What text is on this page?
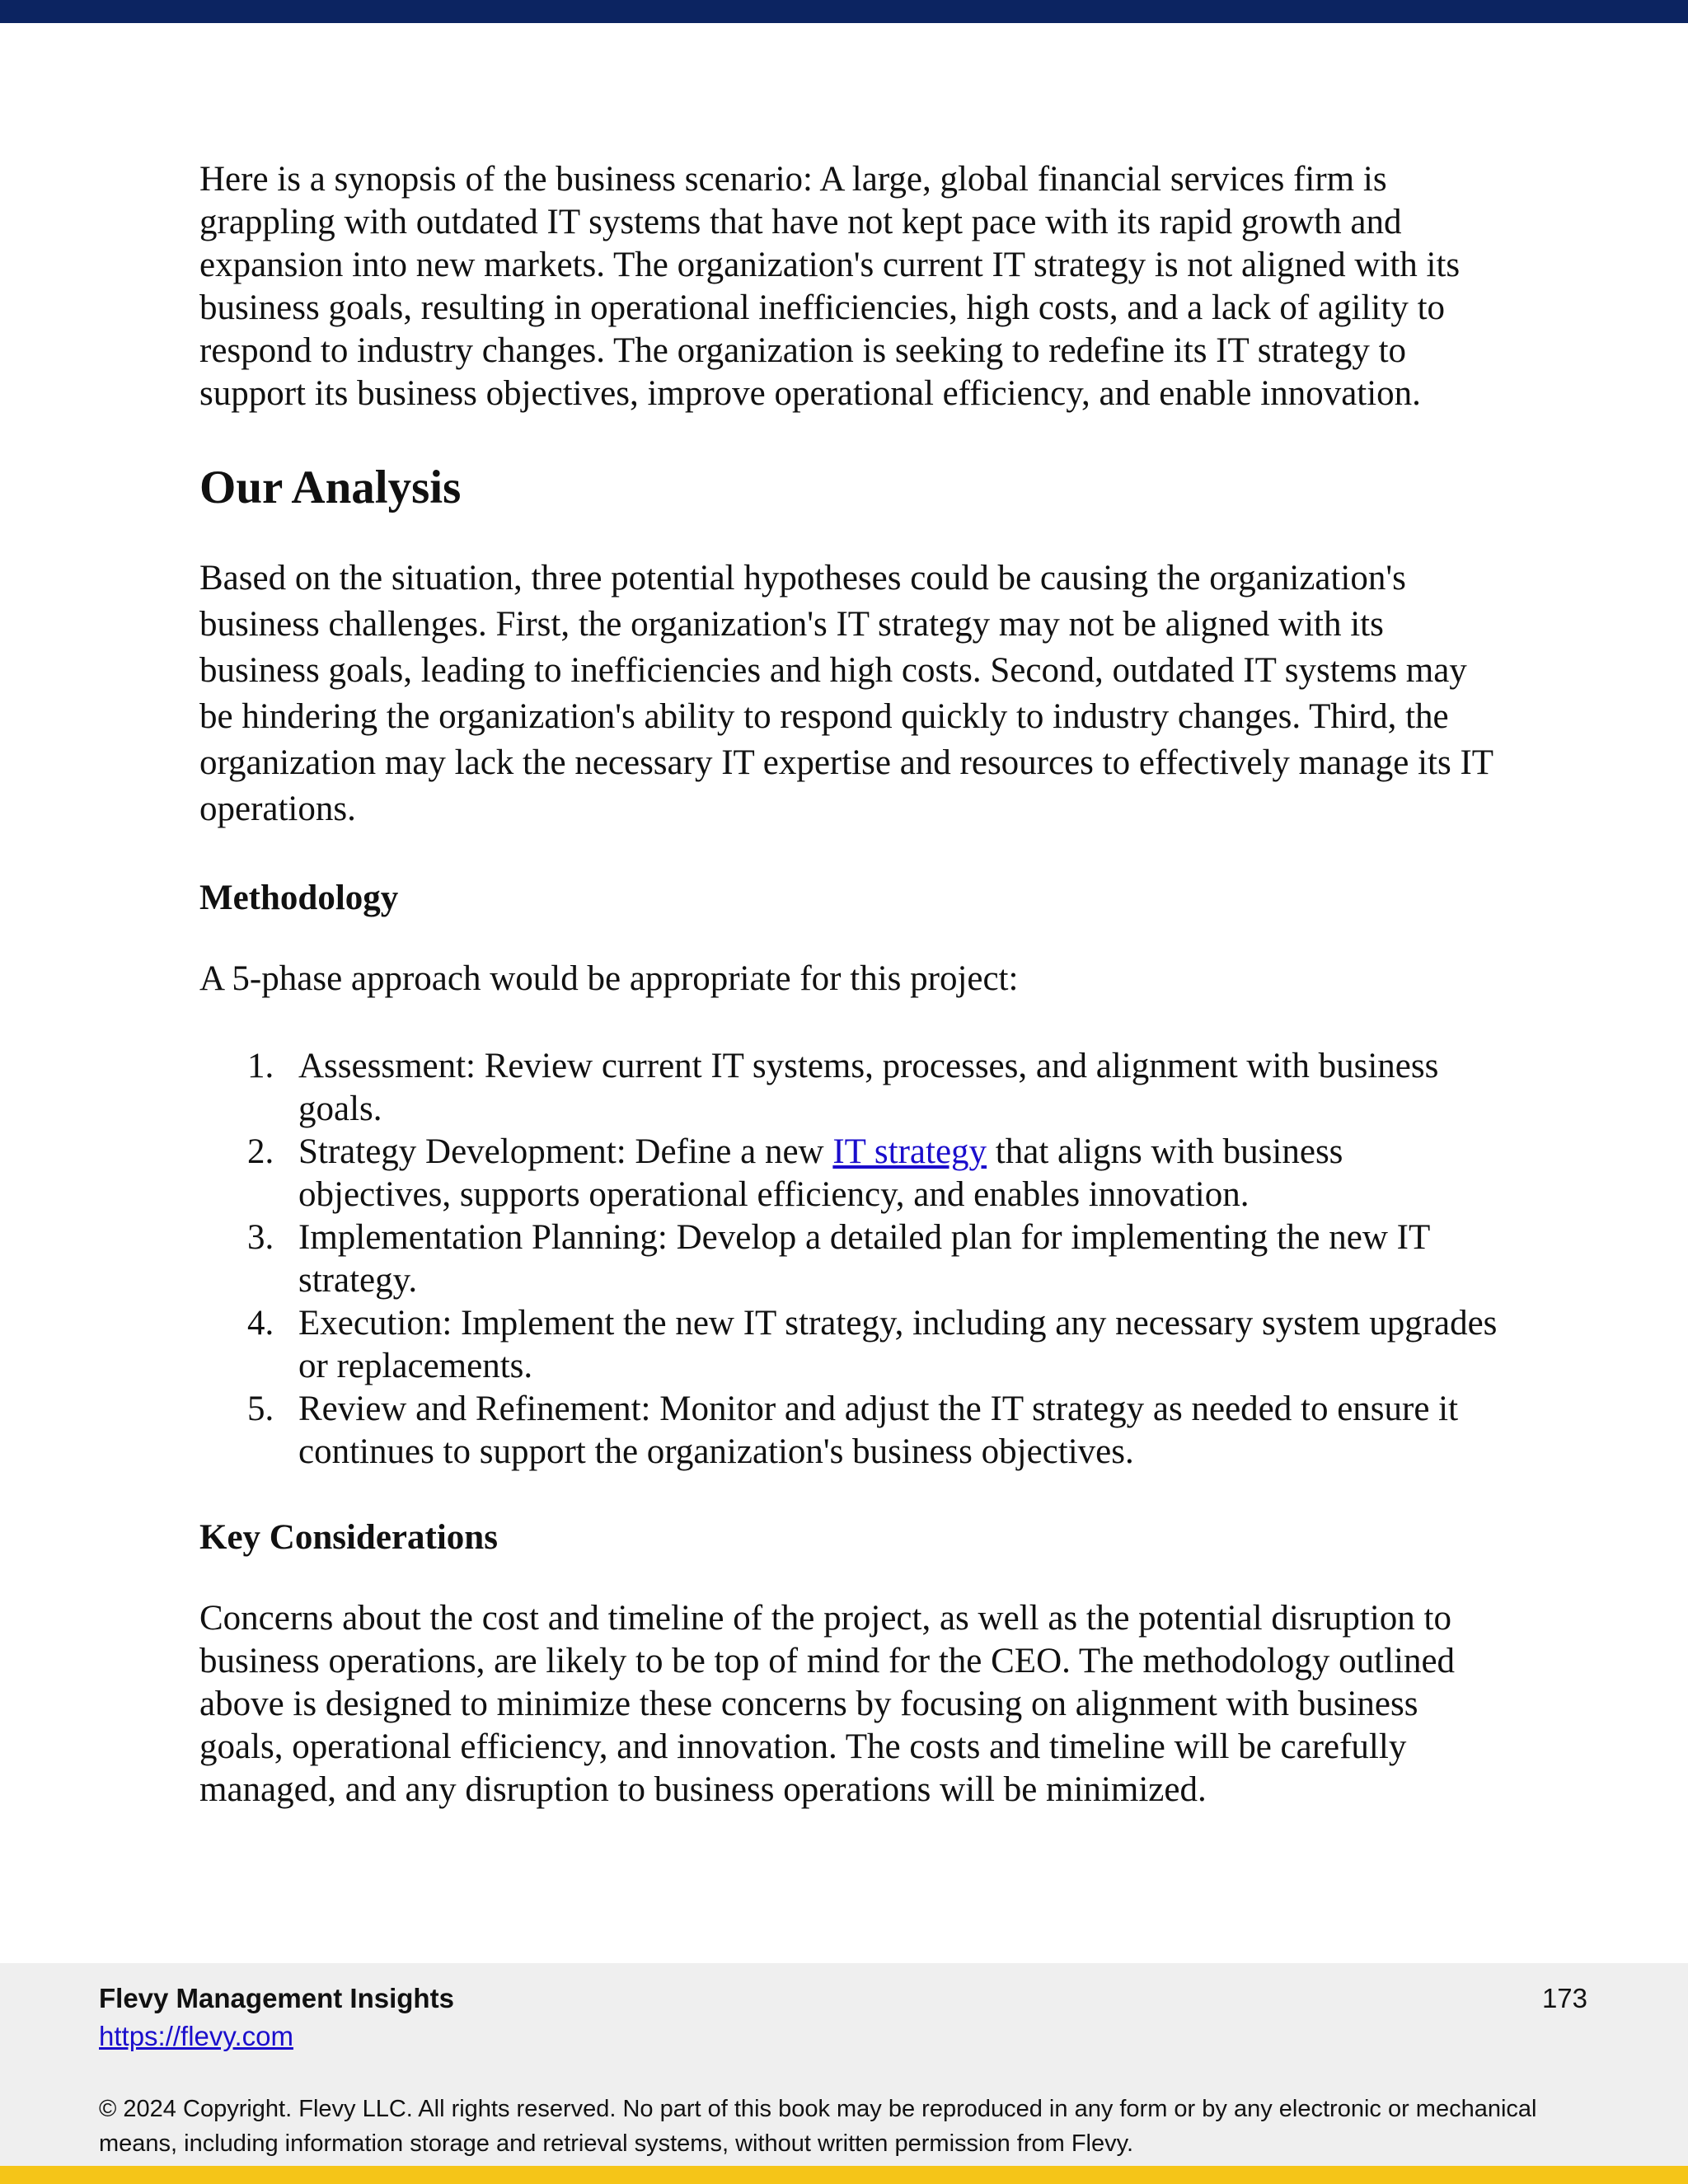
Here is a synopsis of the business scenario: A large, global financial services firm is grappling with outdated IT systems that have not kept pace with its rapid growth and expansion into new markets. The organization's current IT strategy is not aligned with its business goals, resulting in operational inefficiencies, high costs, and a lack of agility to respond to industry changes. The organization is seeking to redefine its IT strategy to support its business objectives, improve operational efficiency, and enable innovation.

Our Analysis

Based on the situation, three potential hypotheses could be causing the organization's business challenges. First, the organization's IT strategy may not be aligned with its business goals, leading to inefficiencies and high costs. Second, outdated IT systems may be hindering the organization's ability to respond quickly to industry changes. Third, the organization may lack the necessary IT expertise and resources to effectively manage its IT operations.

Methodology

A 5-phase approach would be appropriate for this project:

1. Assessment: Review current IT systems, processes, and alignment with business goals.
2. Strategy Development: Define a new IT strategy that aligns with business objectives, supports operational efficiency, and enables innovation.
3. Implementation Planning: Develop a detailed plan for implementing the new IT strategy.
4. Execution: Implement the new IT strategy, including any necessary system upgrades or replacements.
5. Review and Refinement: Monitor and adjust the IT strategy as needed to ensure it continues to support the organization's business objectives.
Key Considerations

Concerns about the cost and timeline of the project, as well as the potential disruption to business operations, are likely to be top of mind for the CEO. The methodology outlined above is designed to minimize these concerns by focusing on alignment with business goals, operational efficiency, and innovation. The costs and timeline will be carefully managed, and any disruption to business operations will be minimized.

Flevy Management Insights
https://flevy.com
173
© 2024 Copyright. Flevy LLC. All rights reserved. No part of this book may be reproduced in any form or by any electronic or mechanical means, including information storage and retrieval systems, without written permission from Flevy.
